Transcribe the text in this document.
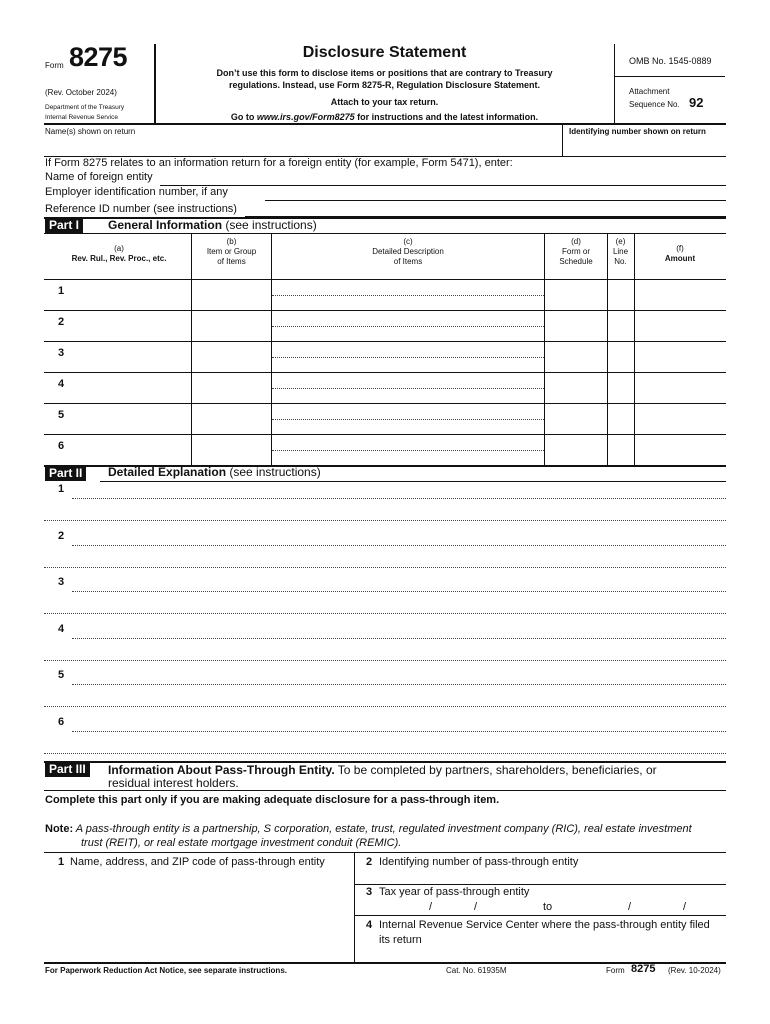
Form 8275
(Rev. October 2024)
Department of the Treasury
Internal Revenue Service
Disclosure Statement
Don’t use this form to disclose items or positions that are contrary to Treasury
regulations. Instead, use Form 8275-R, Regulation Disclosure Statement.
Attach to your tax return.
Go to www.irs.gov/Form8275 for instructions and the latest information.
OMB No. 1545-0889
Attachment
Sequence No. 92
Name(s) shown on return	Identifying number shown on return
If Form 8275 relates to an information return for a foreign entity (for example, Form 5471), enter:
Name of foreign entity
Employer identification number, if any
Reference ID number (see instructions)
Part I	General Information (see instructions)
(a)
Rev. Rul., Rev. Proc., etc.
(b)
Item or Group
of Items
(c)
Detailed Description
of Items
(d)
Form or
Schedule
(e)
Line
No.
(f)
Amount
1
2
3
4
5
6
Part II	Detailed Explanation (see instructions)
1
2
3
4
5
6
Part III	Information About Pass-Through Entity. To be completed by partners, shareholders, beneficiaries, or
residual interest holders.
Complete this part only if you are making adequate disclosure for a pass-through item.
Note: A pass-through entity is a partnership, S corporation, estate, trust, regulated investment company (RIC), real estate investment
trust (REIT), or real estate mortgage investment conduit (REMIC).
1 Name, address, and ZIP code of pass-through entity	2 Identifying number of pass-through entity
3 Tax year of pass-through entity
/	/	to	/	/
4 Internal Revenue Service Center where the pass-through entity filed
its return
For Paperwork Reduction Act Notice, see separate instructions.	Cat. No. 61935M	Form 8275 (Rev. 10-2024)
